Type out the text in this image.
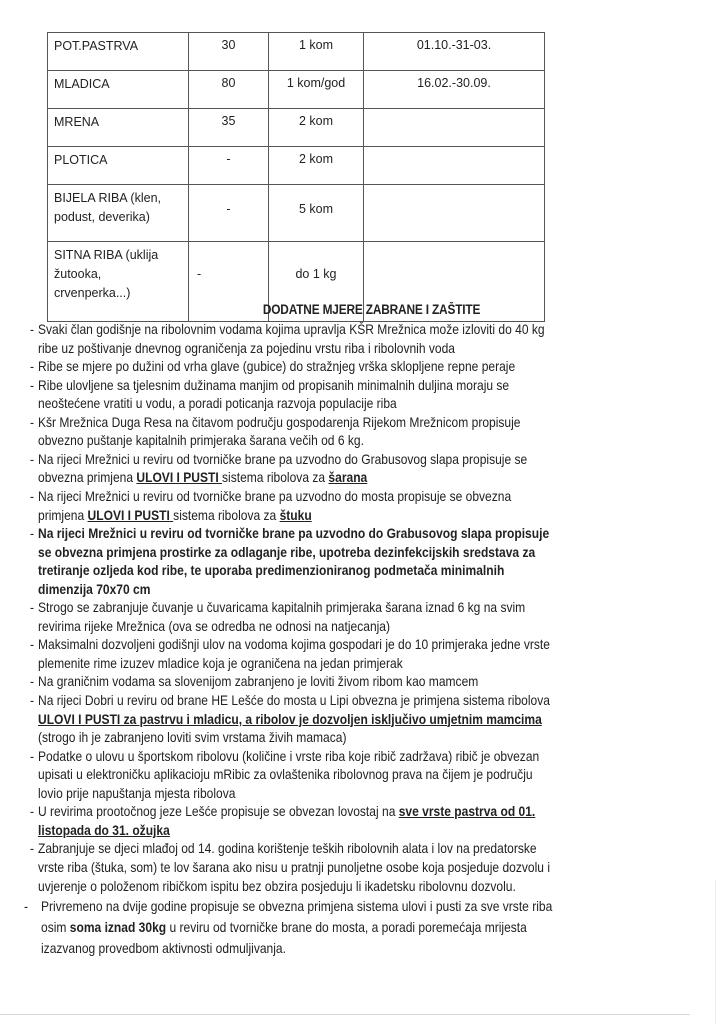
POT.PASTRVA	30	1 kom	01.10.-31-03.

MLADICA	80	1 kom/god	16.02.-30.09.

MRENA	35	2 kom	

PLOTICA	-	2 kom	

BIJELA RIBA (klen,
podust, deverika)	-	5 kom	

SITNA RIBA (uklija
žutooka,
crvenperka...)	-	do 1 kg	

DODATNE MJERE ZABRANE I ZAŠTITE
- Svaki član godišnje na ribolovnim vodama kojima upravlja KŠR Mrežnica može izloviti do 40 kg
ribe uz poštivanje dnevnog ograničenja za pojedinu vrstu riba i ribolovnih voda
- Ribe se mjere po dužini od vrha glave (gubice) do stražnjeg vrška sklopljene repne peraje
- Ribe ulovljene sa tjelesnim dužinama manjim od propisanih minimalnih duljina moraju se
neoštećene vratiti u vodu, a poradi poticanja razvoja populacije riba
- Kšr Mrežnica Duga Resa na čitavom području gospodarenja Rijekom Mrežnicom propisuje
obvezno puštanje kapitalnih primjeraka šarana večih od 6 kg.
- Na rijeci Mrežnici u reviru od tvorničke brane pa uzvodno do Grabusovog slapa propisuje se
obvezna primjena ULOVI I PUSTI sistema ribolova za šarana
- Na rijeci Mrežnici u reviru od tvorničke brane pa uzvodno do mosta propisuje se obvezna
primjena ULOVI I PUSTI sistema ribolova za štuku
- Na rijeci Mrežnici u reviru od tvorničke brane pa uzvodno do Grabusovog slapa propisuje
se obvezna primjena prostirke za odlaganje ribe, upotreba dezinfekcijskih sredstava za
tretiranje ozljeda kod ribe, te uporaba predimenzioniranog podmetača minimalnih
dimenzija 70x70 cm
- Strogo se zabranjuje čuvanje u čuvaricama kapitalnih primjeraka šarana iznad 6 kg na svim
revirima rijeke Mrežnica (ova se odredba ne odnosi na natjecanja)
- Maksimalni dozvoljeni godišnji ulov na vodoma kojima gospodari je do 10 primjeraka jedne vrste
plemenite rime izuzev mladice koja je ograničena na jedan primjerak
- Na graničnim vodama sa slovenijom zabranjeno je loviti živom ribom kao mamcem
- Na rijeci Dobri u reviru od brane HE Lešće do mosta u Lipi obvezna je primjena sistema ribolova
ULOVI I PUSTI za pastrvu i mladicu, a ribolov je dozvoljen isključivo umjetnim mamcima
(strogo ih je zabranjeno loviti svim vrstama živih mamaca)
- Podatke o ulovu u športskom ribolovu (količine i vrste riba koje ribič zadržava) ribič je obvezan
upisati u elektroničku aplikacioju mRibic za ovlaštenika ribolovnog prava na čijem je području
lovio prije napuštanja mjesta ribolova
- U revirima prootočnog jeze Lešće propisuje se obvezan lovostaj na sve vrste pastrva od 01.
listopada do 31. ožujka
- Zabranjuje se djeci mlađoj od 14. godina korištenje teških ribolovnih alata i lov na predatorske
vrste riba (štuka, som) te lov šarana ako nisu u pratnji punoljetne osobe koja posjeduje dozvolu i
uvjerenje o položenom ribičkom ispitu bez obzira posjeduju li ikadetsku ribolovnu dozvolu.
- Privremeno na dvije godine propisuje se obvezna primjena sistema ulovi i pusti za sve vrste riba
osim soma iznad 30kg u reviru od tvorničke brane do mosta, a poradi poremećaja mrijesta
izazvanog provedbom aktivnosti odmuljivanja.
